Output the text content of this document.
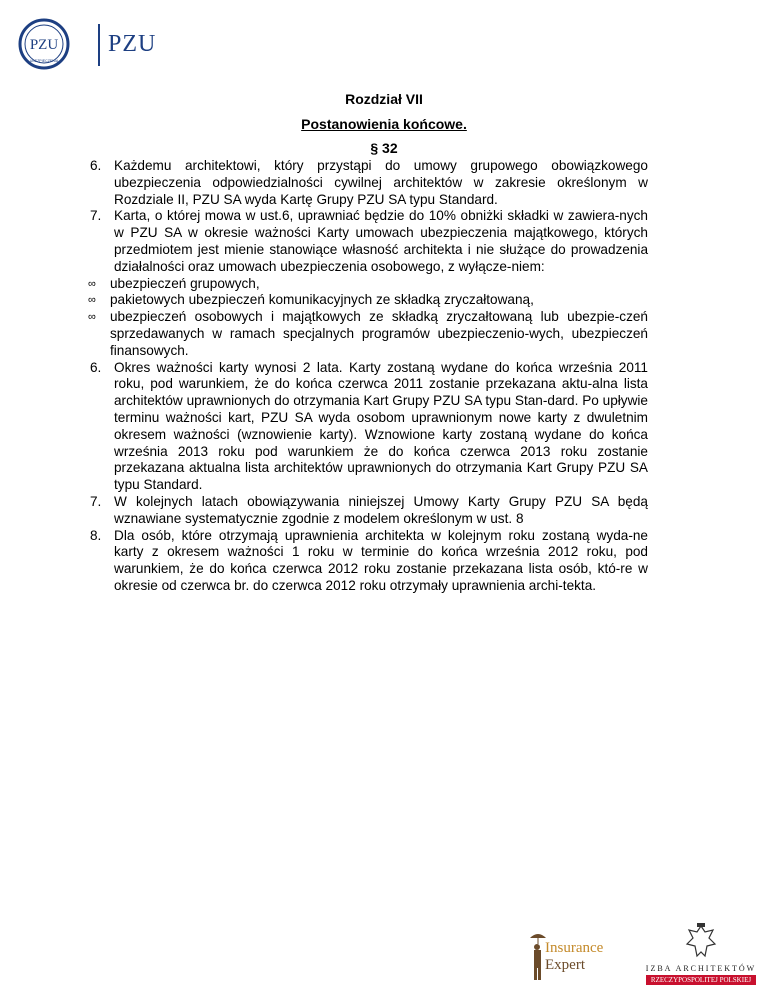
PZU
UBEZPIECZENIA
PZU
Rozdział VII
Postanowienia końcowe.
§ 32

6. Każdemu architektowi, który przystąpi do umowy grupowego obowiązkowego ubezpieczenia odpowiedzialności cywilnej architektów w zakresie określonym w Rozdziale II, PZU SA wyda Kartę Grupy PZU SA typu Standard.

7. Karta, o której mowa w ust.6, uprawniać będzie do 10% obniżki składki w zawiera-nych w PZU SA w okresie ważności Karty umowach ubezpieczenia majątkowego, których przedmiotem jest mienie stanowiące własność architekta i nie służące do prowadzenia działalności oraz umowach ubezpieczenia osobowego, z wyłącze-niem:

∞ ubezpieczeń grupowych,
∞ pakietowych ubezpieczeń komunikacyjnych ze składką zryczałtowaną,
∞ ubezpieczeń osobowych i majątkowych ze składką zryczałtowaną lub ubezpie-czeń sprzedawanych w ramach specjalnych programów ubezpieczenio-wych, ubezpieczeń finansowych.

6. Okres ważności karty wynosi 2 lata. Karty zostaną wydane do końca września 2011 roku, pod warunkiem, że do końca czerwca 2011 zostanie przekazana aktu-alna lista architektów uprawnionych do otrzymania Kart Grupy PZU SA typu Stan-dard. Po upływie terminu ważności kart, PZU SA wyda osobom uprawnionym nowe karty z dwuletnim okresem ważności (wznowienie karty). Wznowione karty zostaną wydane do końca września 2013 roku pod warunkiem że do końca czerwca 2013 roku zostanie przekazana aktualna lista architektów uprawnionych do otrzymania Kart Grupy PZU SA typu Standard.

7. W kolejnych latach obowiązywania niniejszej Umowy Karty Grupy PZU SA będą wznawiane systematycznie zgodnie z modelem określonym w ust. 8

8. Dla osób, które otrzymają uprawnienia architekta w kolejnym roku zostaną wyda-ne karty z okresem ważności 1 roku w terminie do końca września 2012 roku, pod warunkiem, że do końca czerwca 2012 roku zostanie przekazana lista osób, któ-re w okresie od czerwca br. do czerwca 2012 roku otrzymały uprawnienia archi-tekta.

Insurance
Expert	IZBA ARCHITEKTÓW
RZECZYPOSPOLITEJ POLSKIEJ
